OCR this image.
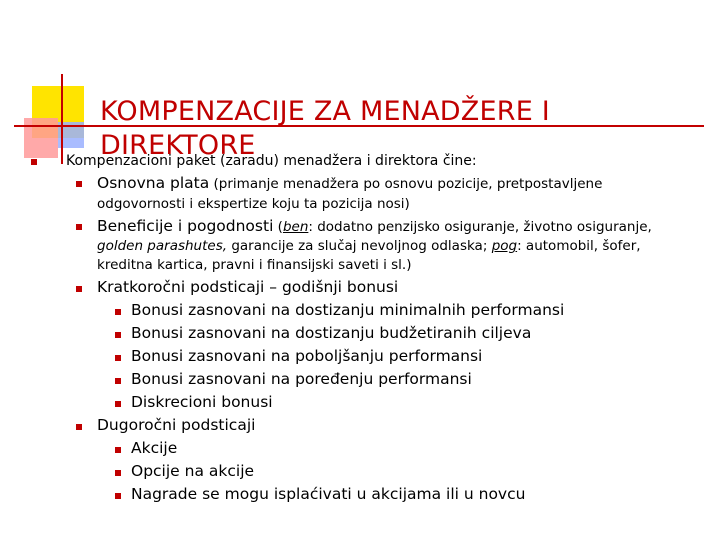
KOMPENZACIJE ZA MENADŽERE I DIREKTORE
Kompenzacioni paket (zaradu) menadžera i direktora čine:
Osnovna plata (primanje menadžera po osnovu pozicije, pretpostavljene
odgovornosti i ekspertize koju ta pozicija nosi)
Beneficije i pogodnosti (ben: dodatno penzijsko osiguranje, životno osiguranje,
golden parashutes, garancije za slučaj nevoljnog odlaska; pog: automobil, šofer,
kreditna kartica, pravni i finansijski saveti i sl.)
Kratkoročni podsticaji – godišnji bonusi
Bonusi zasnovani na dostizanju minimalnih performansi
Bonusi zasnovani na dostizanju budžetiranih ciljeva
Bonusi zasnovani na poboljšanju performansi
Bonusi zasnovani na poređenju performansi
Diskrecioni bonusi
Dugoročni podsticaji
Akcije
Opcije na akcije
Nagrade se mogu isplaćivati u akcijama ili u novcu
